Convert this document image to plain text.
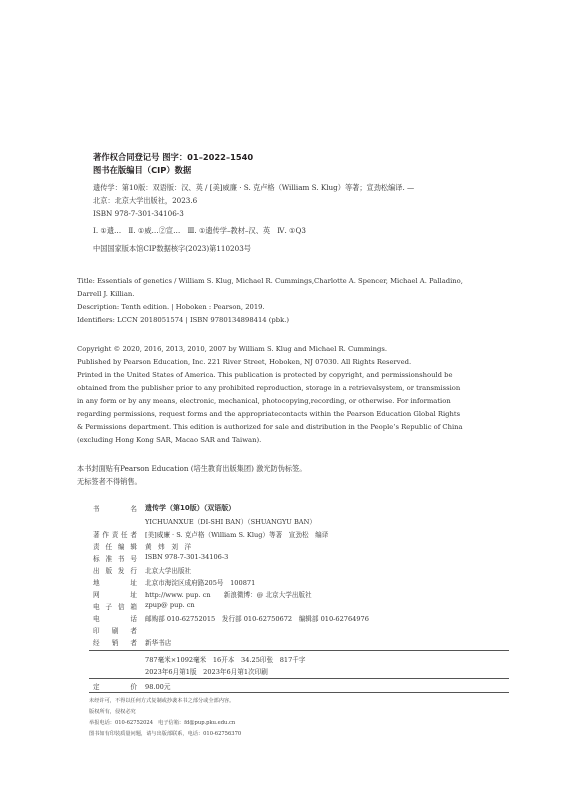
著作权合同登记号 图字：01–2022–1540
图书在版编目（CIP）数据
遗传学：第10版：双语版：汉、英 / [美]威廉 · S. 克卢格（William S. Klug）等著；宣劲松编译. —
北京：北京大学出版社，2023.6
ISBN 978-7-301-34106-3
Ⅰ. ①遗…　Ⅱ. ①威…②宣…　Ⅲ. ①遗传学–教材–汉、英　Ⅳ. ①Q3
中国国家版本馆CIP数据核字(2023)第110203号
Title: Essentials of genetics / William S. Klug, Michael R. Cummings,Charlotte A. Spencer, Michael A. Palladino,
Darrell J. Killian.
Description: Tenth edition. | Hoboken : Pearson, 2019.
Identifiers: LCCN 2018051574 | ISBN 9780134898414 (pbk.)
Copyright © 2020, 2016, 2013, 2010, 2007 by William S. Klug and Michael R. Cummings.
Published by Pearson Education, Inc. 221 River Street, Hoboken, NJ 07030. All Rights Reserved.
Printed in the United States of America. This publication is protected by copyright, and permissionshould be
obtained from the publisher prior to any prohibited reproduction, storage in a retrievalsystem, or transmission
in any form or by any means, electronic, mechanical, photocopying,recording, or otherwise. For information
regarding permissions, request forms and the appropriatecontacts within the Pearson Education Global Rights
& Permissions department. This edition is authorized for sale and distribution in the People’s Republic of China
(excluding Hong Kong SAR, Macao SAR and Taiwan).
本书封面贴有Pearson Education (培生教育出版集团) 激光防伪标签。
无标签者不得销售。
书　　名 遗传学（第10版）（双语版）
YICHUANXUE（DI-SHI BAN）（SHUANGYU BAN）
著作责任者 [美]威廉 · S. 克卢格（William S. Klug）等著　宣劲松　编译
责任编辑 黄　炜　刘　洋
标准书号 ISBN 978-7-301-34106-3
出版发行 北京大学出版社
地　　址 北京市海淀区成府路205号　100871
网　　址 http://www. pup. cn　　新浪微博：@ 北京大学出版社
电子信箱 zpup@ pup. cn
电　　话 邮购部 010-62752015　发行部 010-62750672　编辑部 010-62764976
印　刷　者
经　销　者 新华书店
787毫米×1092毫米　16开本　34.25印张　817千字
2023年6月第1版　2023年6月第1次印刷
定　　价 98.00元
未经许可，不得以任何方式复制或抄袭本书之部分或全部内容。
版权所有，侵权必究
举报电话：010-62752024　电子信箱：fd@pup.pku.edu.cn
图书如有印装质量问题，请与出版部联系，电话：010-62756370
